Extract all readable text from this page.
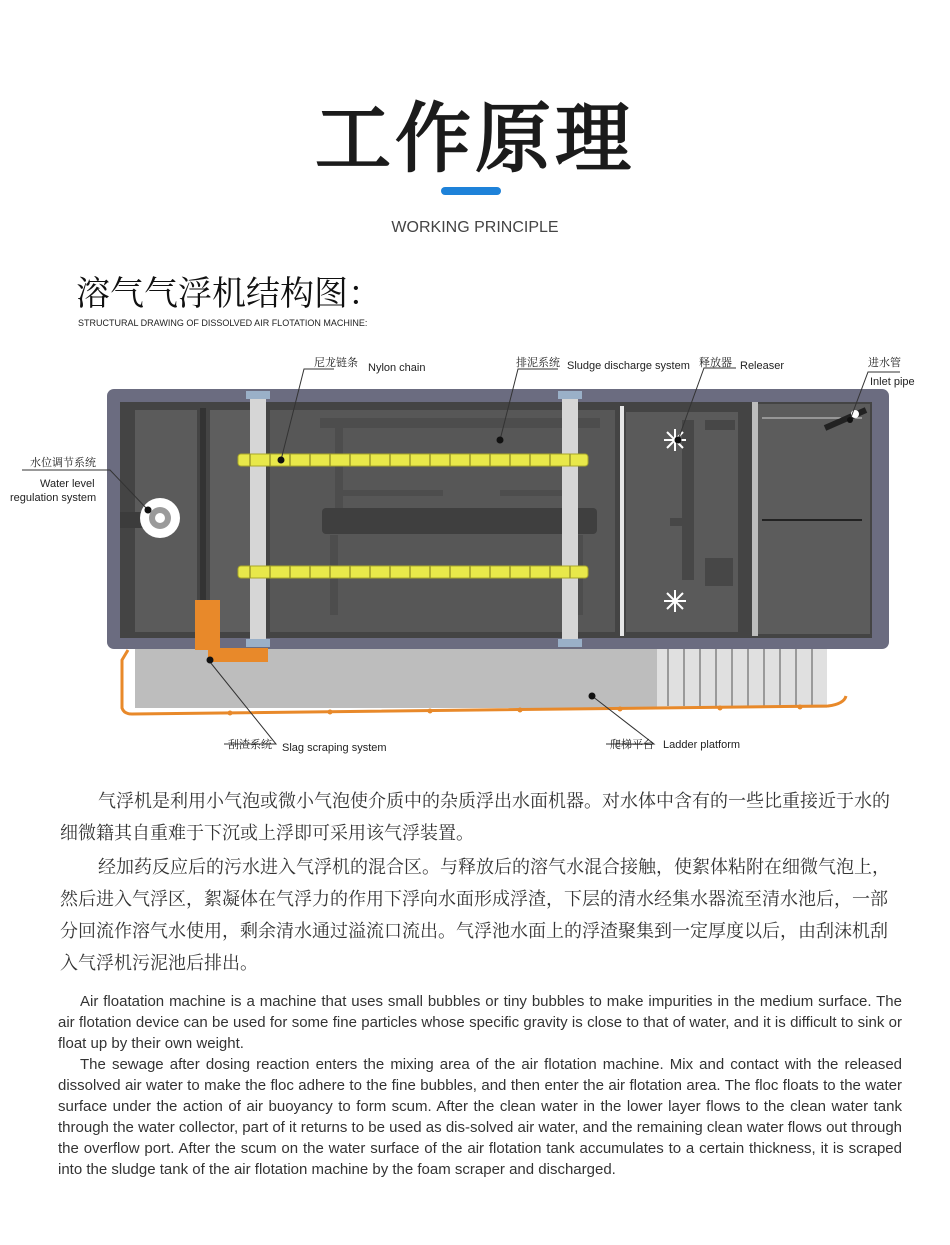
工作原理
WORKING PRINCIPLE
溶气气浮机结构图：
STRUCTURAL DRAWING OF DISSOLVED AIR FLOTATION MACHINE:
尼龙链条 Nylon chain	排泥系统 Sludge discharge system 释放器 Releaser	进水管
Inlet pipe
水位调节系统
Water level
regulation system
刮渣系统 Slag scraping system	爬梯平台 Ladder platform

气浮机是利用小气泡或微小气泡使介质中的杂质浮出水面机器。对水体中含有的一些比重接近于水的细微籍其自重难于下沉或上浮即可采用该气浮装置。

经加药反应后的污水进入气浮机的混合区。与释放后的溶气水混合接触，使絮体粘附在细微气泡上，然后进入气浮区，絮凝体在气浮力的作用下浮向水面形成浮渣，下层的清水经集水器流至清水池后，一部分回流作溶气水使用，剩余清水通过溢流口流出。气浮池水面上的浮渣聚集到一定厚度以后，由刮沫机刮入气浮机污泥池后排出。

Air floatation machine is a machine that uses small bubbles or tiny bubbles to make impurities in the medium surface. The air flotation device can be used for some fine particles whose specific gravity is close to that of water, and it is difficult to sink or float up by their own weight.

The sewage after dosing reaction enters the mixing area of the air flotation machine. Mix and contact with the released dissolved air water to make the floc adhere to the fine bubbles, and then enter the air flotation area. The floc floats to the water surface under the action of air buoyancy to form scum. After the clean water in the lower layer flows to the clean water tank through the water collector, part of it returns to be used as dis-solved air water, and the remaining clean water flows out through the overflow port. After the scum on the water surface of the air flotation tank accumulates to a certain thickness, it is scraped into the sludge tank of the air flotation machine by the foam scraper and discharged.
